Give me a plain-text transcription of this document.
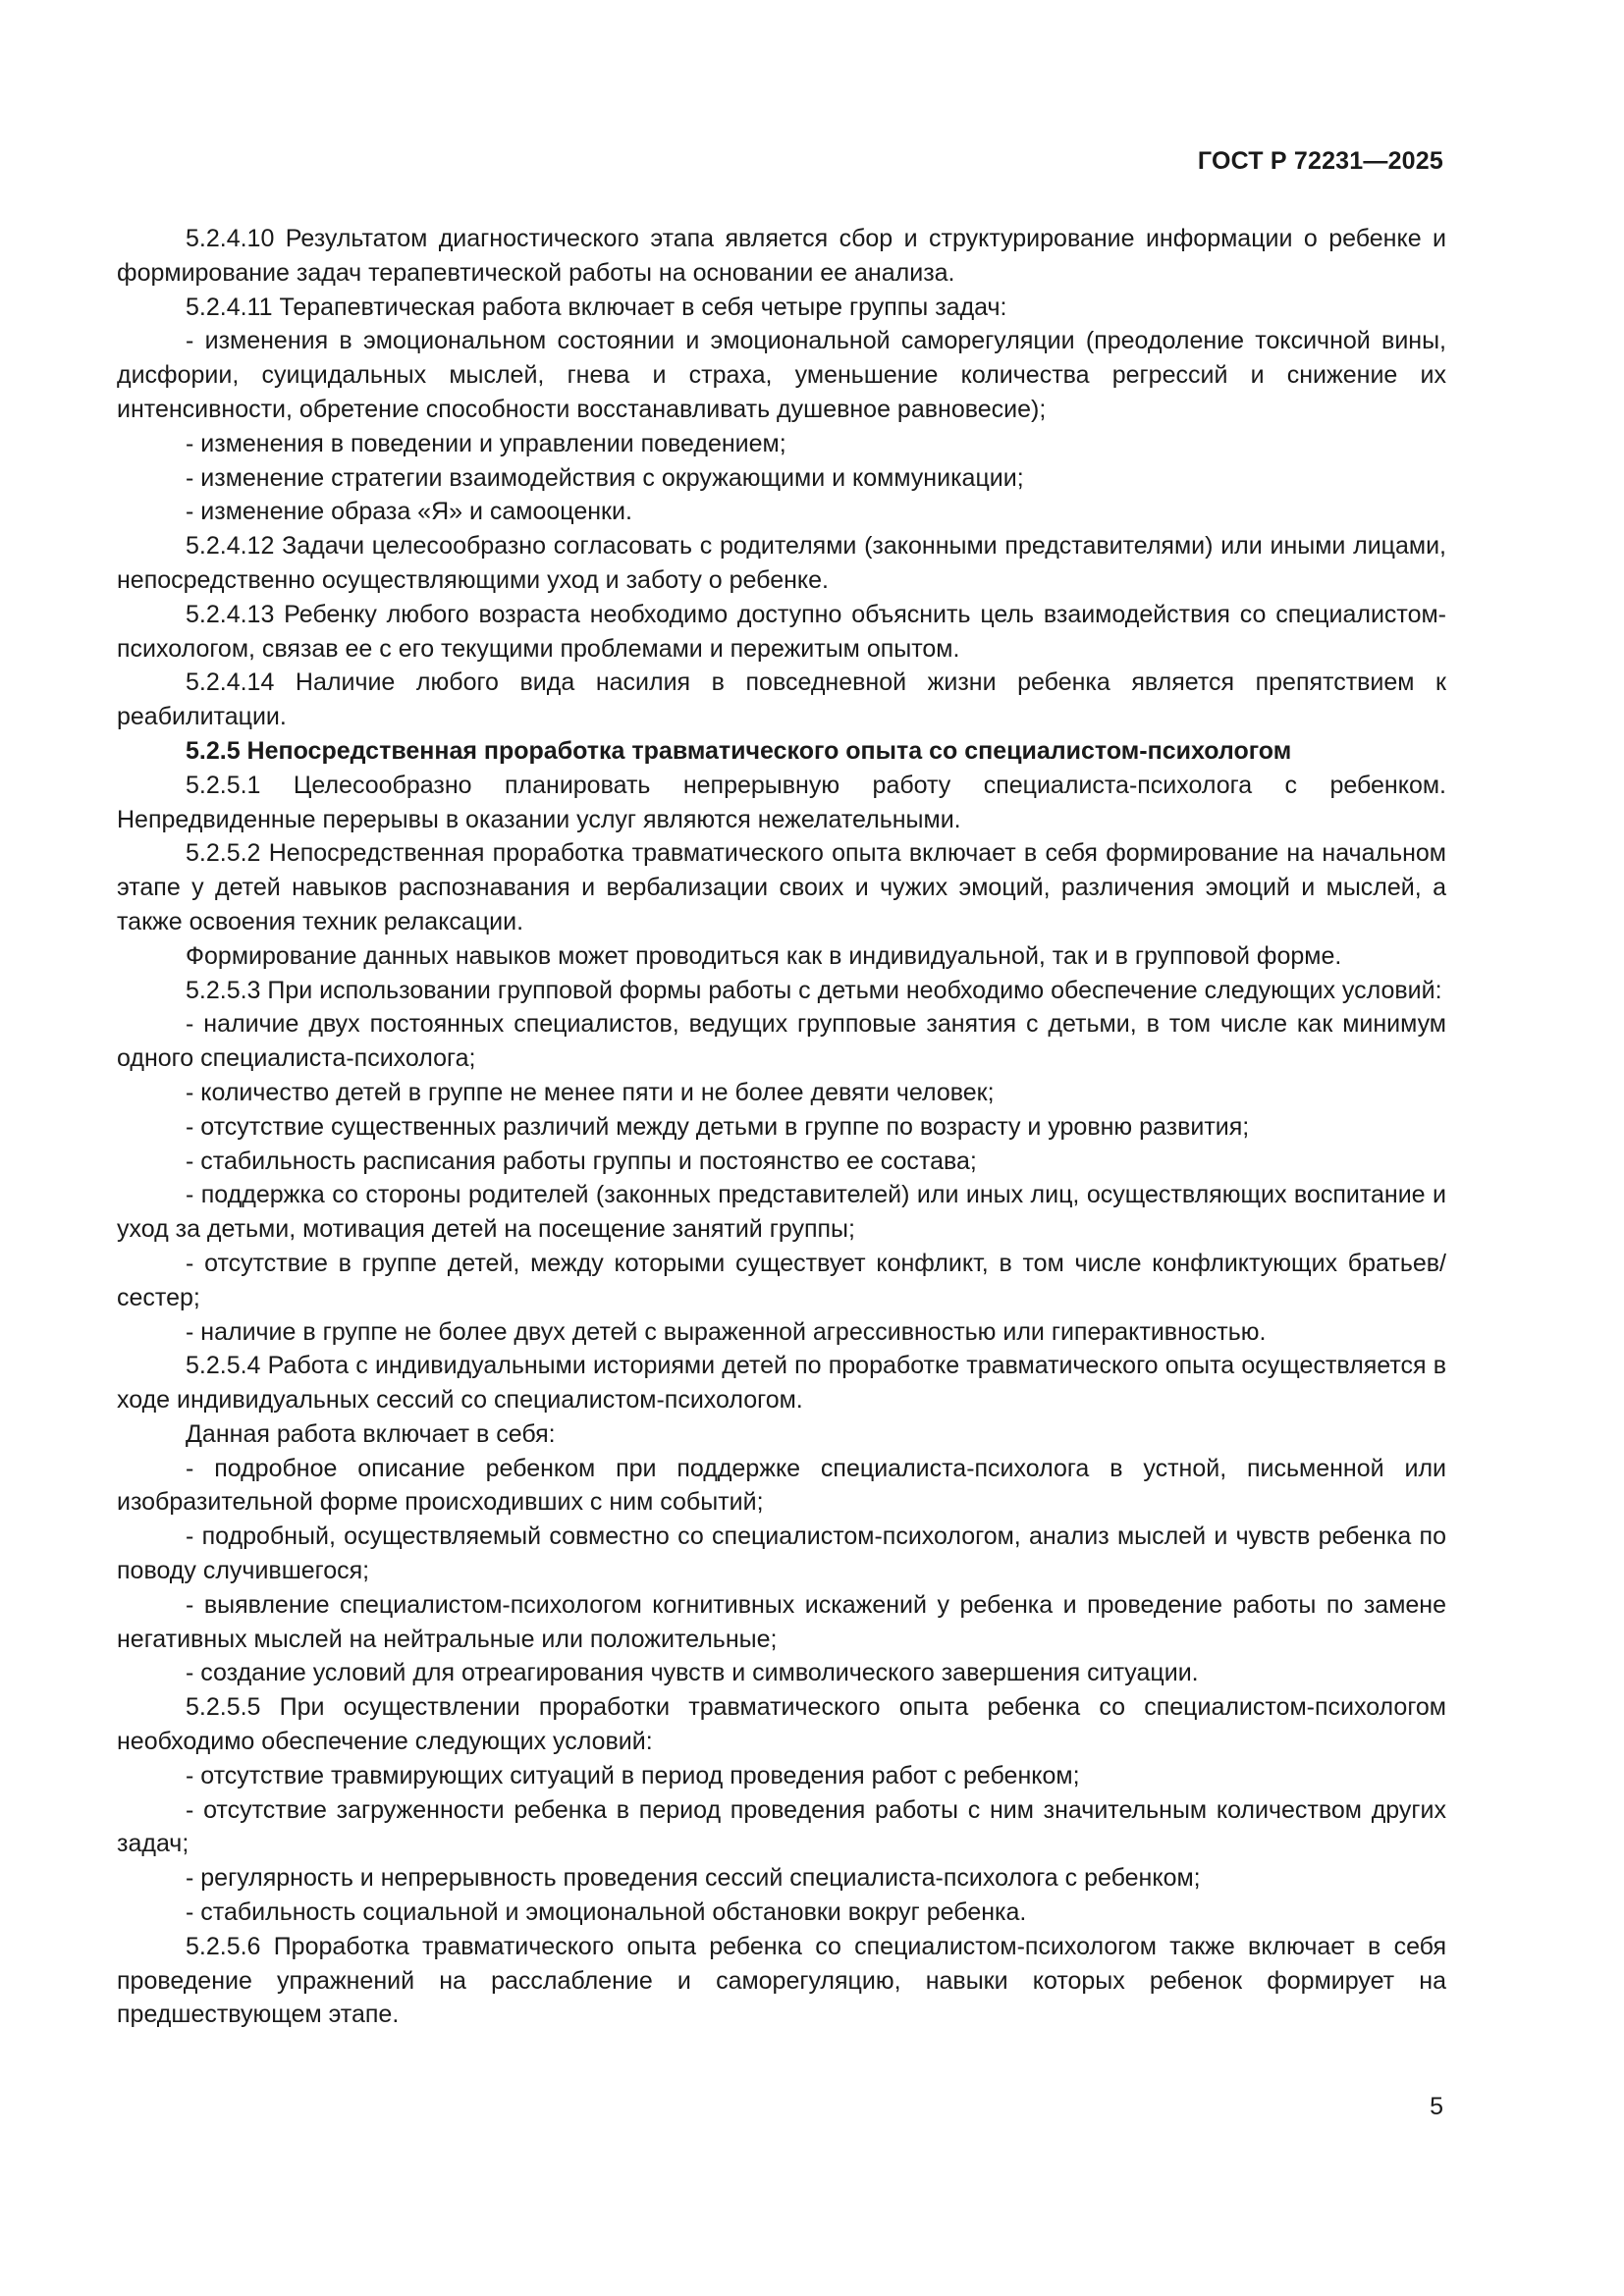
ГОСТ Р 72231—2025

5.2.4.10 Результатом диагностического этапа является сбор и структурирование информации о ребенке и формирование задач терапевтической работы на основании ее анализа.

5.2.4.11 Терапевтическая работа включает в себя четыре группы задач:

- изменения в эмоциональном состоянии и эмоциональной саморегуляции (преодоление токсичной вины, дисфории, суицидальных мыслей, гнева и страха, уменьшение количества регрессий и снижение их интенсивности, обретение способности восстанавливать душевное равновесие);

- изменения в поведении и управлении поведением;

- изменение стратегии взаимодействия с окружающими и коммуникации;

- изменение образа «Я» и самооценки.

5.2.4.12 Задачи целесообразно согласовать с родителями (законными представителями) или иными лицами, непосредственно осуществляющими уход и заботу о ребенке.

5.2.4.13 Ребенку любого возраста необходимо доступно объяснить цель взаимодействия со специалистом-психологом, связав ее с его текущими проблемами и пережитым опытом.

5.2.4.14 Наличие любого вида насилия в повседневной жизни ребенка является препятствием к реабилитации.

5.2.5 Непосредственная проработка травматического опыта со специалистом-психологом

5.2.5.1 Целесообразно планировать непрерывную работу специалиста-психолога с ребенком. Непредвиденные перерывы в оказании услуг являются нежелательными.

5.2.5.2 Непосредственная проработка травматического опыта включает в себя формирование на начальном этапе у детей навыков распознавания и вербализации своих и чужих эмоций, различения эмоций и мыслей, а также освоения техник релаксации.

Формирование данных навыков может проводиться как в индивидуальной, так и в групповой форме.

5.2.5.3 При использовании групповой формы работы с детьми необходимо обеспечение следующих условий:

- наличие двух постоянных специалистов, ведущих групповые занятия с детьми, в том числе как минимум одного специалиста-психолога;

- количество детей в группе не менее пяти и не более девяти человек;

- отсутствие существенных различий между детьми в группе по возрасту и уровню развития;

- стабильность расписания работы группы и постоянство ее состава;

- поддержка со стороны родителей (законных представителей) или иных лиц, осуществляющих воспитание и уход за детьми, мотивация детей на посещение занятий группы;

- отсутствие в группе детей, между которыми существует конфликт, в том числе конфликтующих братьев/сестер;

- наличие в группе не более двух детей с выраженной агрессивностью или гиперактивностью.

5.2.5.4 Работа с индивидуальными историями детей по проработке травматического опыта осуществляется в ходе индивидуальных сессий со специалистом-психологом.

Данная работа включает в себя:

- подробное описание ребенком при поддержке специалиста-психолога в устной, письменной или изобразительной форме происходивших с ним событий;

- подробный, осуществляемый совместно со специалистом-психологом, анализ мыслей и чувств ребенка по поводу случившегося;

- выявление специалистом-психологом когнитивных искажений у ребенка и проведение работы по замене негативных мыслей на нейтральные или положительные;

- создание условий для отреагирования чувств и символического завершения ситуации.

5.2.5.5 При осуществлении проработки травматического опыта ребенка со специалистом-психологом необходимо обеспечение следующих условий:

- отсутствие травмирующих ситуаций в период проведения работ с ребенком;

- отсутствие загруженности ребенка в период проведения работы с ним значительным количеством других задач;

- регулярность и непрерывность проведения сессий специалиста-психолога с ребенком;

- стабильность социальной и эмоциональной обстановки вокруг ребенка.

5.2.5.6 Проработка травматического опыта ребенка со специалистом-психологом также включает в себя проведение упражнений на расслабление и саморегуляцию, навыки которых ребенок формирует на предшествующем этапе.

5
